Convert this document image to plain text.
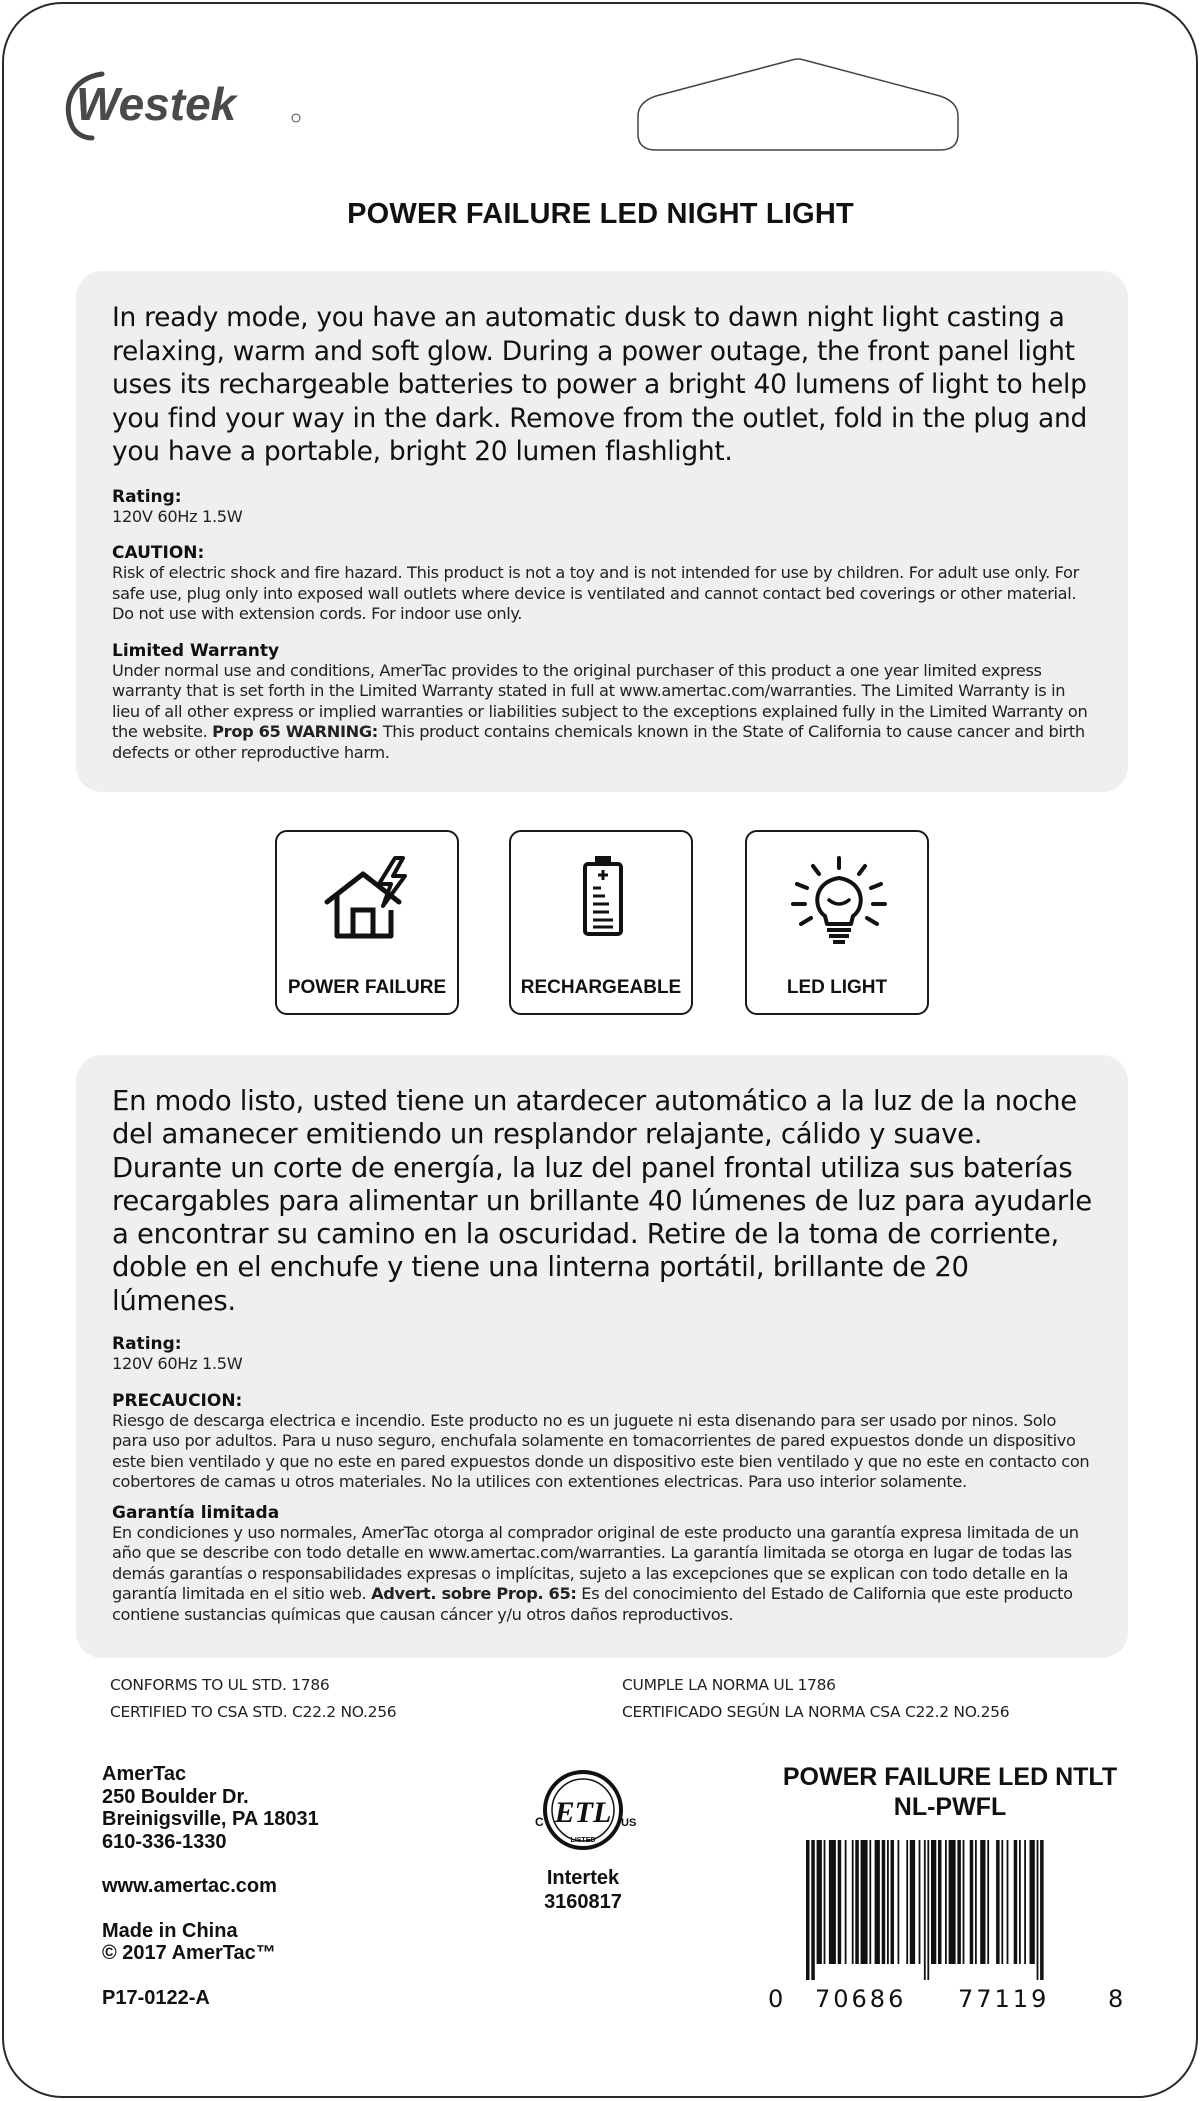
Westek
POWER FAILURE LED NIGHT LIGHT
In ready mode, you have an automatic dusk to dawn night light casting a relaxing, warm and soft glow. During a power outage, the front panel light uses its rechargeable batteries to power a bright 40 lumens of light to help you find your way in the dark. Remove from the outlet, fold in the plug and you have a portable, bright 20 lumen flashlight.
Rating:
120V 60Hz 1.5W
CAUTION:
Risk of electric shock and fire hazard. This product is not a toy and is not intended for use by children. For adult use only. For safe use, plug only into exposed wall outlets where device is ventilated and cannot contact bed coverings or other material. Do not use with extension cords. For indoor use only.
Limited Warranty
Under normal use and conditions, AmerTac provides to the original purchaser of this product a one year limited express warranty that is set forth in the Limited Warranty stated in full at www.amertac.com/warranties. The Limited Warranty is in lieu of all other express or implied warranties or liabilities subject to the exceptions explained fully in the Limited Warranty on the website. Prop 65 WARNING: This product contains chemicals known in the State of California to cause cancer and birth defects or other reproductive harm.
POWER FAILURE	RECHARGEABLE	LED LIGHT
En modo listo, usted tiene un atardecer automático a la luz de la noche del amanecer emitiendo un resplandor relajante, cálido y suave. Durante un corte de energía, la luz del panel frontal utiliza sus baterías recargables para alimentar un brillante 40 lúmenes de luz para ayudarle a encontrar su camino en la oscuridad. Retire de la toma de corriente, doble en el enchufe y tiene una linterna portátil, brillante de 20 lúmenes.
Rating:
120V 60Hz 1.5W
PRECAUCION:
Riesgo de descarga electrica e incendio. Este producto no es un juguete ni esta disenando para ser usado por ninos. Solo para uso por adultos. Para u nuso seguro, enchufala solamente en tomacorrientes de pared expuestos donde un dispositivo este bien ventilado y que no este en pared expuestos donde un dispositivo este bien ventilado y que no este en contacto con cobertores de camas u otros materiales. No la utilices con extentiones electricas. Para uso interior solamente.
Garantía limitada
En condiciones y uso normales, AmerTac otorga al comprador original de este producto una garantía expresa limitada de un año que se describe con todo detalle en www.amertac.com/warranties. La garantía limitada se otorga en lugar de todas las demás garantías o responsabilidades expresas o implícitas, sujeto a las excepciones que se explican con todo detalle en la garantía limitada en el sitio web. Advert. sobre Prop. 65: Es del conocimiento del Estado de California que este producto contiene sustancias químicas que causan cáncer y/u otros daños reproductivos.
CONFORMS TO UL STD. 1786
CERTIFIED TO CSA STD. C22.2 NO.256
CUMPLE LA NORMA UL 1786
CERTIFICADO SEGÚN LA NORMA CSA C22.2 NO.256
AmerTac
250 Boulder Dr.
Breinigsville, PA 18031
610-336-1330
www.amertac.com
Made in China
© 2017 AmerTac™
P17-0122-A
ETL
LISTED
C	US
Intertek
3160817
POWER FAILURE LED NTLT
NL-PWFL
0 70686 77119 8
